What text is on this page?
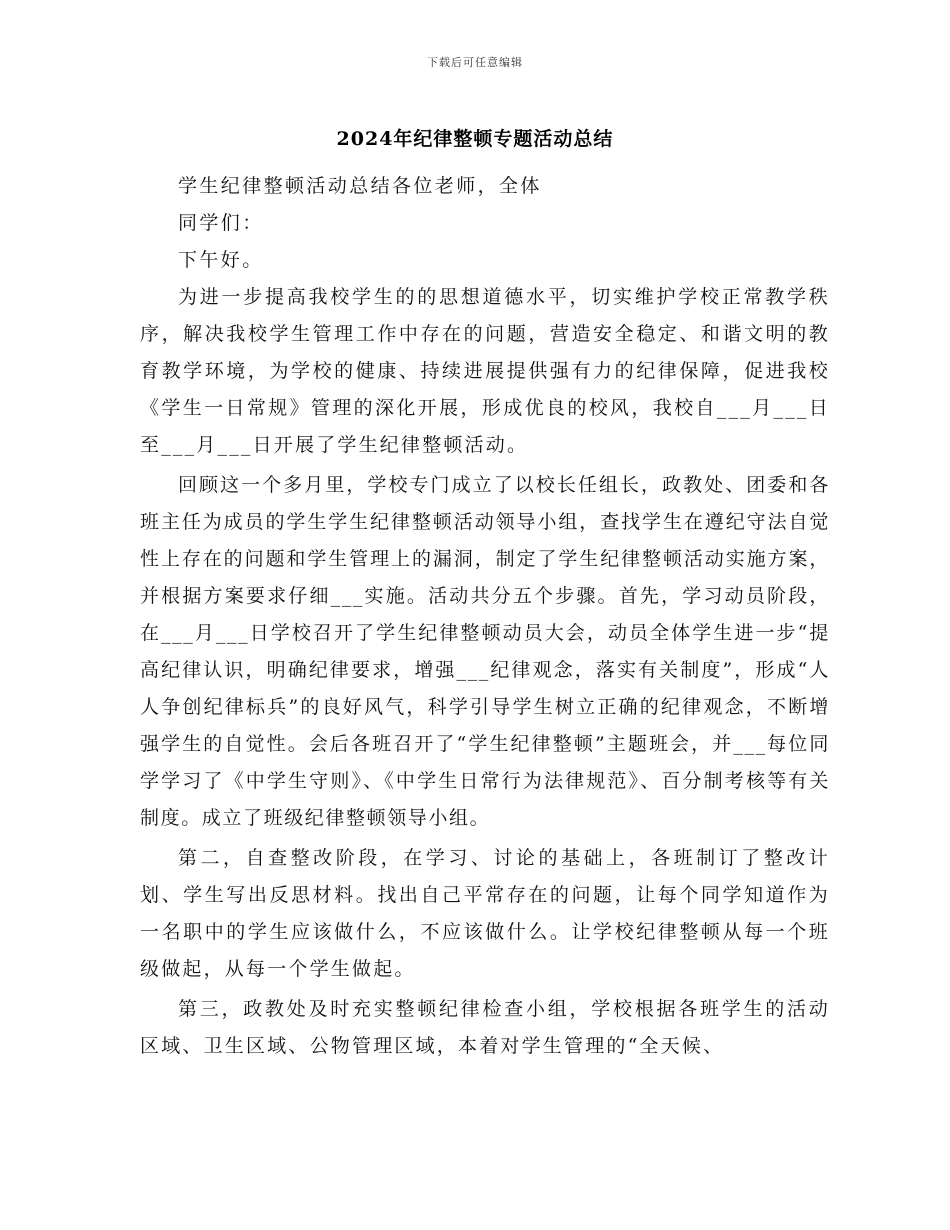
下载后可任意编辑
2024年纪律整顿专题活动总结

学生纪律整顿活动总结各位老师，全体

同学们：

下午好。

为进一步提高我校学生的的思想道德水平，切实维护学校正常教学秩序，解决我校学生管理工作中存在的问题，营造安全稳定、和谐文明的教育教学环境，为学校的健康、持续进展提供强有力的纪律保障，促进我校《学生一日常规》管理的深化开展，形成优良的校风，我校自___月___日至___月___日开展了学生纪律整顿活动。

回顾这一个多月里，学校专门成立了以校长任组长，政教处、团委和各班主任为成员的学生学生纪律整顿活动领导小组，查找学生在遵纪守法自觉性上存在的问题和学生管理上的漏洞，制定了学生纪律整顿活动实施方案，并根据方案要求仔细___实施。活动共分五个步骤。首先，学习动员阶段，在___月___日学校召开了学生纪律整顿动员大会，动员全体学生进一步“提高纪律认识，明确纪律要求，增强___纪律观念，落实有关制度”，形成“人人争创纪律标兵”的良好风气，科学引导学生树立正确的纪律观念，不断增强学生的自觉性。会后各班召开了“学生纪律整顿”主题班会，并___每位同学学习了《中学生守则》、《中学生日常行为法律规范》、百分制考核等有关制度。成立了班级纪律整顿领导小组。

第二，自查整改阶段，在学习、讨论的基础上，各班制订了整改计划、学生写出反思材料。找出自己平常存在的问题，让每个同学知道作为一名职中的学生应该做什么，不应该做什么。让学校纪律整顿从每一个班级做起，从每一个学生做起。

第三，政教处及时充实整顿纪律检查小组，学校根据各班学生的活动区域、卫生区域、公物管理区域，本着对学生管理的“全天候、
